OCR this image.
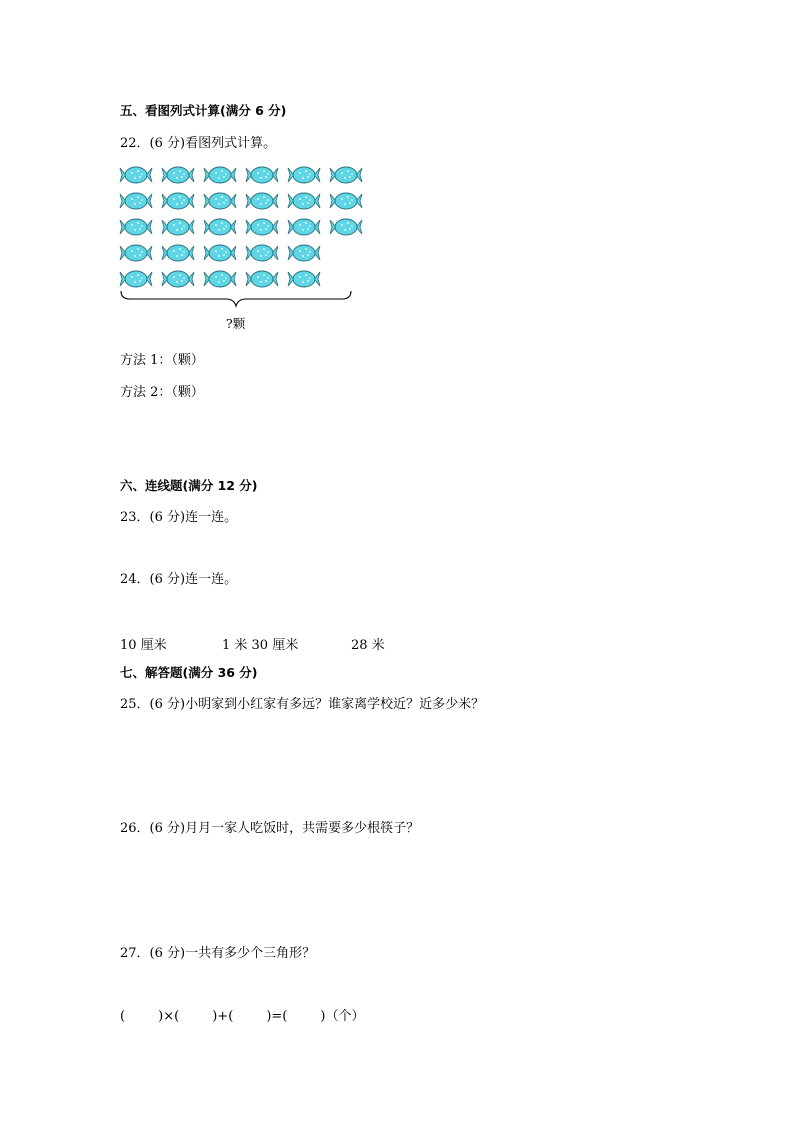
五、看图列式计算(满分 6 分)
22．(6 分)看图列式计算。
?颗
方法 1：（颗）
方法 2：（颗）
六、连线题(满分 12 分)
23．(6 分)连一连。
24．(6 分)连一连。
10 厘米	1 米 30 厘米	28 米
七、解答题(满分 36 分)
25．(6 分)小明家到小红家有多远？谁家离学校近？近多少米？
26．(6 分)月月一家人吃饭时，共需要多少根筷子？
27．(6 分)一共有多少个三角形？
(        )×(        )+(        )=(        )（个）
